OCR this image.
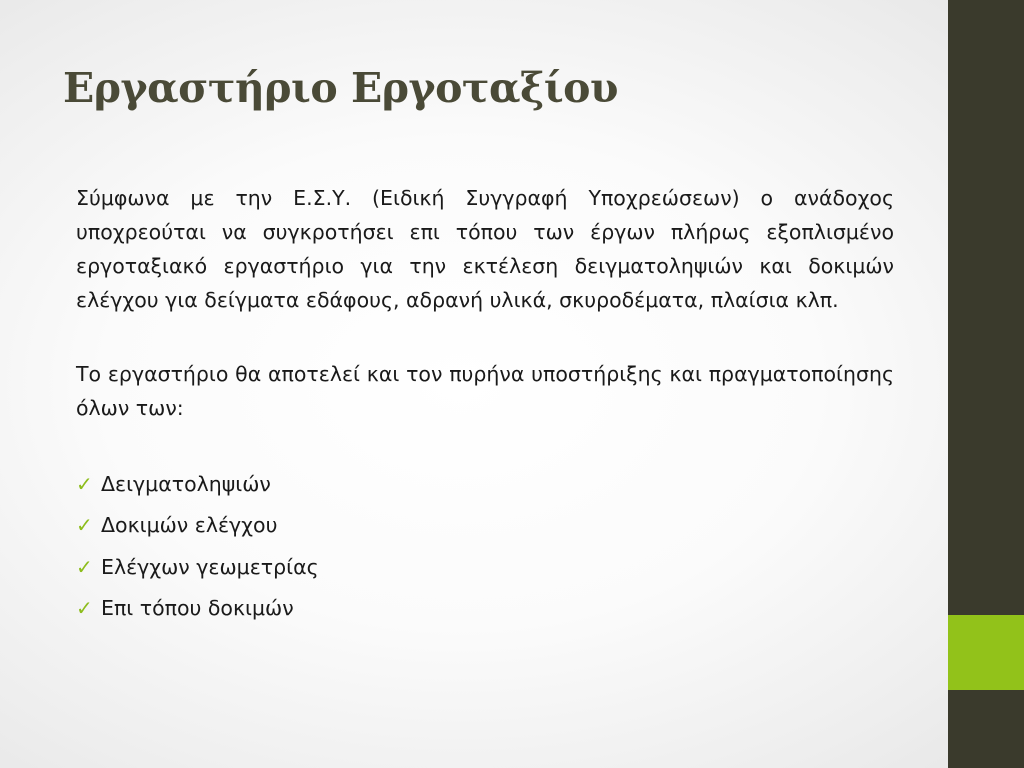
Εργαστήριο Εργοταξίου

Σύμφωνα με την Ε.Σ.Υ. (Ειδική Συγγραφή Υποχρεώσεων) ο ανάδοχος υποχρεούται να συγκροτήσει επι τόπου των έργων πλήρως εξοπλισμένο εργοταξιακό εργαστήριο για την εκτέλεση δειγματοληψιών και δοκιμών ελέγχου για δείγματα εδάφους, αδρανή υλικά, σκυροδέματα, πλαίσια κλπ.

Το εργαστήριο θα αποτελεί και τον πυρήνα υποστήριξης και πραγματοποίησης όλων των:

✓ Δειγματοληψιών
✓ Δοκιμών ελέγχου
✓ Ελέγχων γεωμετρίας
✓ Επι τόπου δοκιμών
